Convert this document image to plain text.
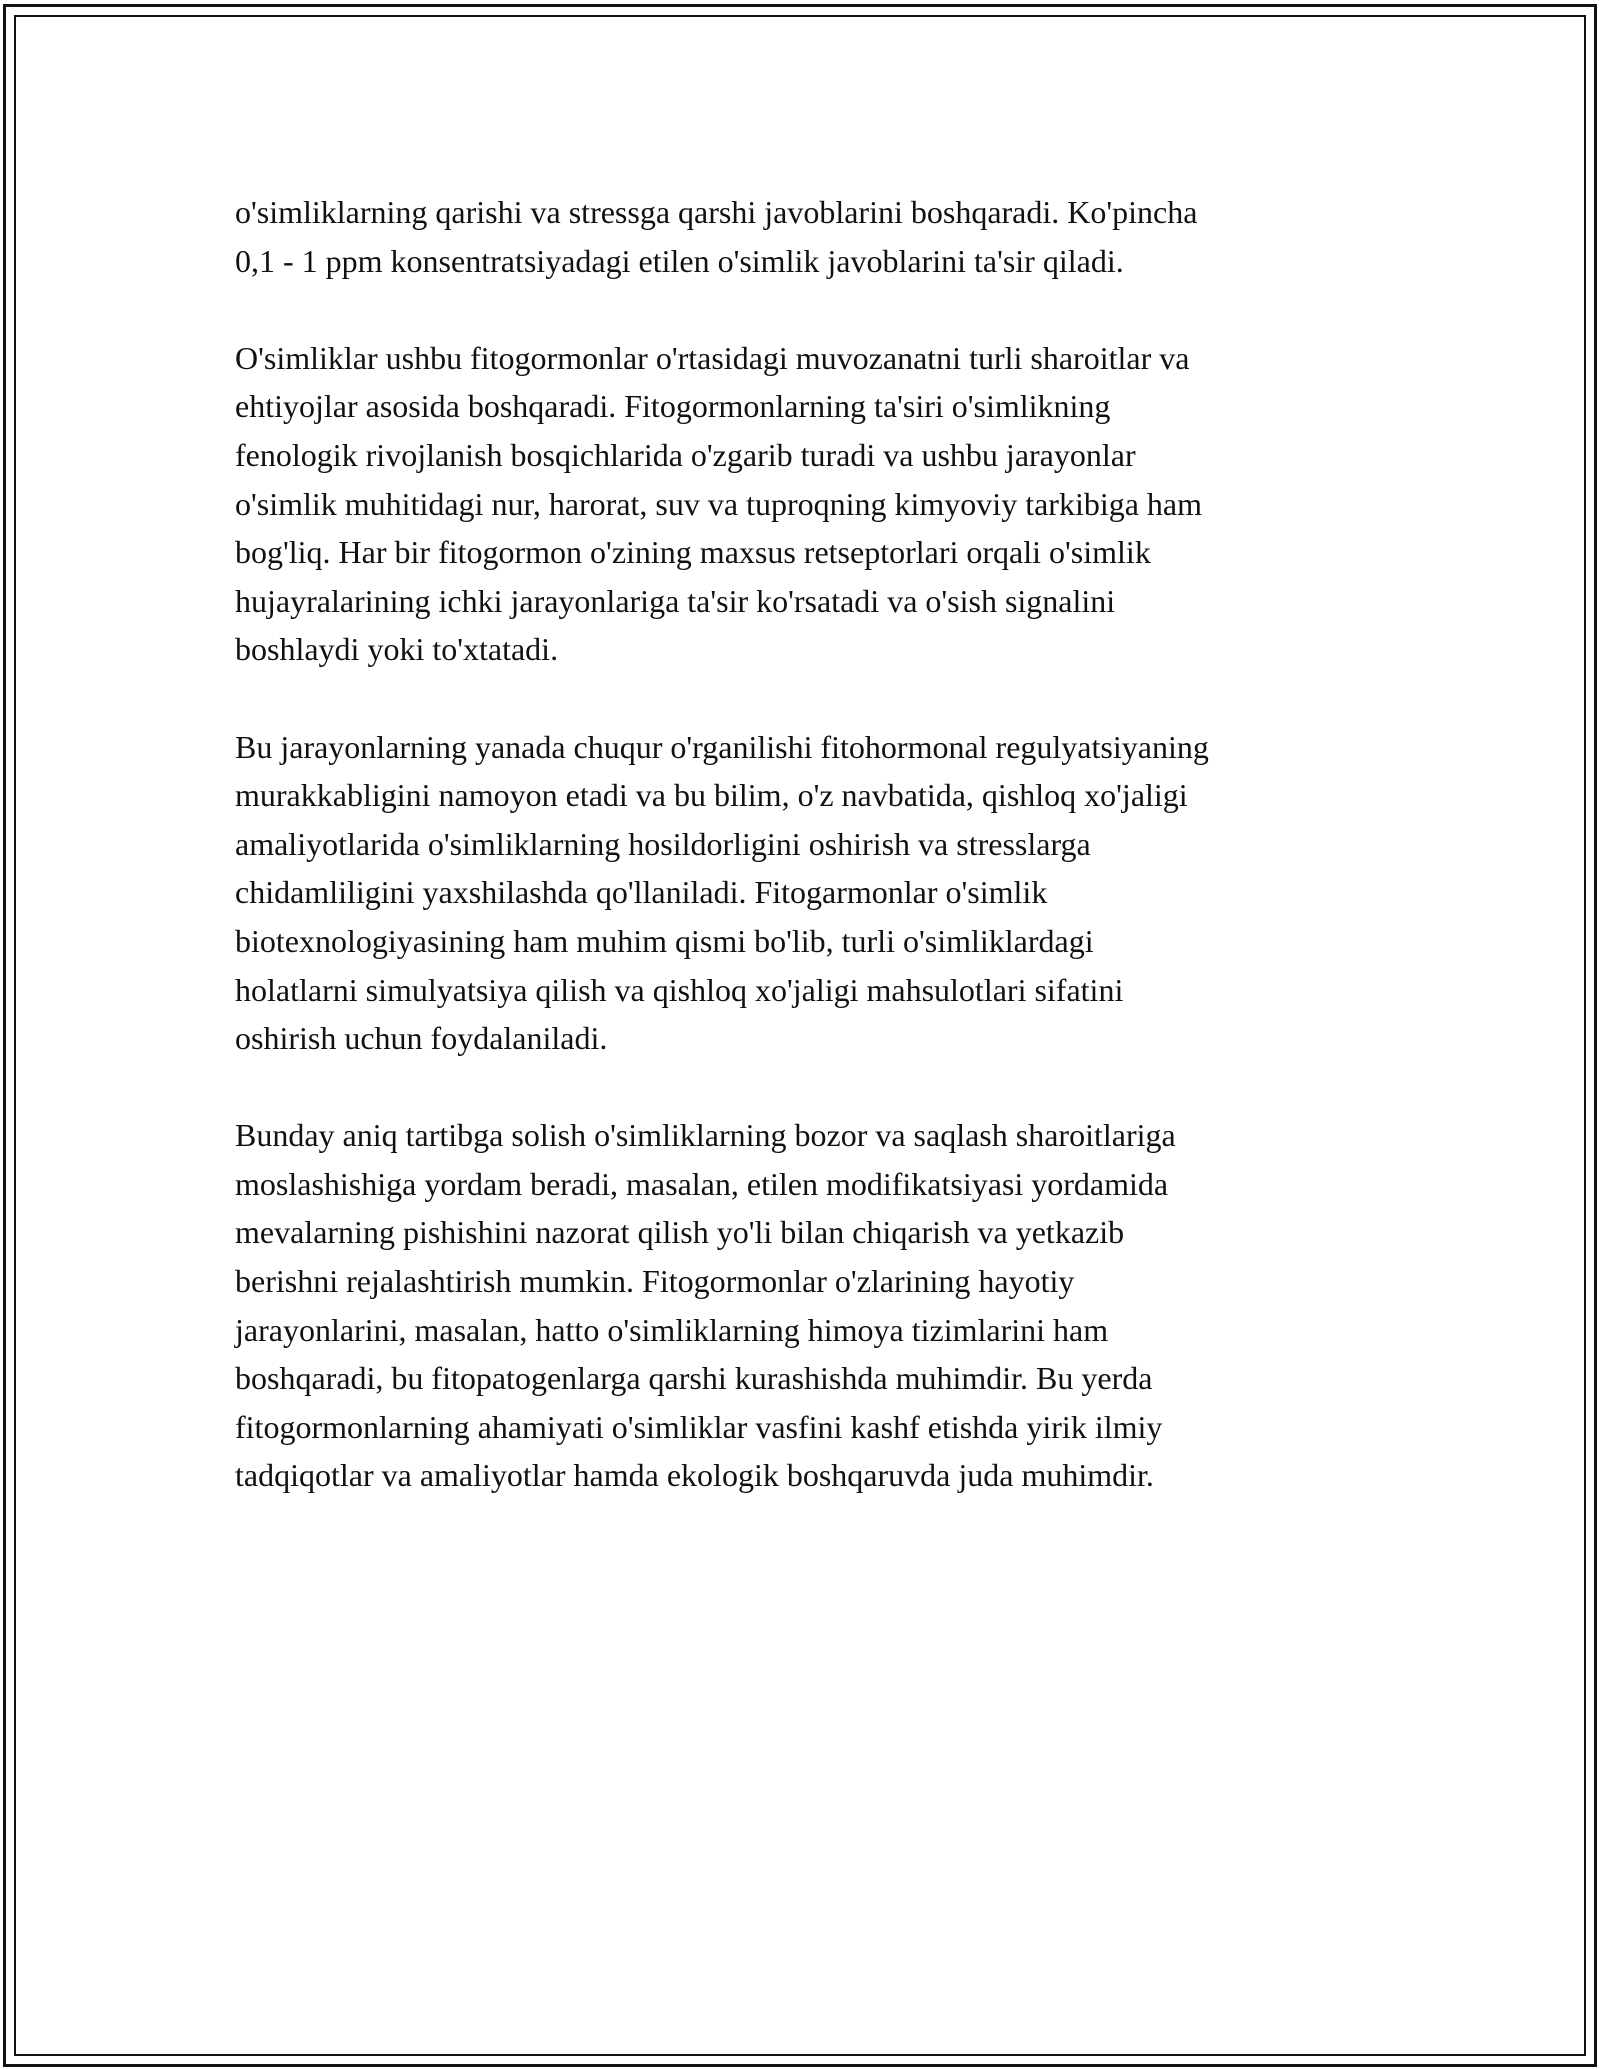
o'simliklarning qarishi va stressga qarshi javoblarini boshqaradi. Ko'pincha
0,1 - 1 ppm konsentratsiyadagi etilen o'simlik javoblarini ta'sir qiladi.

O'simliklar ushbu fitogormonlar o'rtasidagi muvozanatni turli sharoitlar va
ehtiyojlar asosida boshqaradi. Fitogormonlarning ta'siri o'simlikning
fenologik rivojlanish bosqichlarida o'zgarib turadi va ushbu jarayonlar
o'simlik muhitidagi nur, harorat, suv va tuproqning kimyoviy tarkibiga ham
bog'liq. Har bir fitogormon o'zining maxsus retseptorlari orqali o'simlik
hujayralarining ichki jarayonlariga ta'sir ko'rsatadi va o'sish signalini
boshlaydi yoki to'xtatadi.

Bu jarayonlarning yanada chuqur o'rganilishi fitohormonal regulyatsiyaning
murakkabligini namoyon etadi va bu bilim, o'z navbatida, qishloq xo'jaligi
amaliyotlarida o'simliklarning hosildorligini oshirish va stresslarga
chidamliligini yaxshilashda qo'llaniladi. Fitogarmonlar o'simlik
biotexnologiyasining ham muhim qismi bo'lib, turli o'simliklardagi
holatlarni simulyatsiya qilish va qishloq xo'jaligi mahsulotlari sifatini
oshirish uchun foydalaniladi.

Bunday aniq tartibga solish o'simliklarning bozor va saqlash sharoitlariga
moslashishiga yordam beradi, masalan, etilen modifikatsiyasi yordamida
mevalarning pishishini nazorat qilish yo'li bilan chiqarish va yetkazib
berishni rejalashtirish mumkin. Fitogormonlar o'zlarining hayotiy
jarayonlarini, masalan, hatto o'simliklarning himoya tizimlarini ham
boshqaradi, bu fitopatogenlarga qarshi kurashishda muhimdir. Bu yerda
fitogormonlarning ahamiyati o'simliklar vasfini kashf etishda yirik ilmiy
tadqiqotlar va amaliyotlar hamda ekologik boshqaruvda juda muhimdir.
